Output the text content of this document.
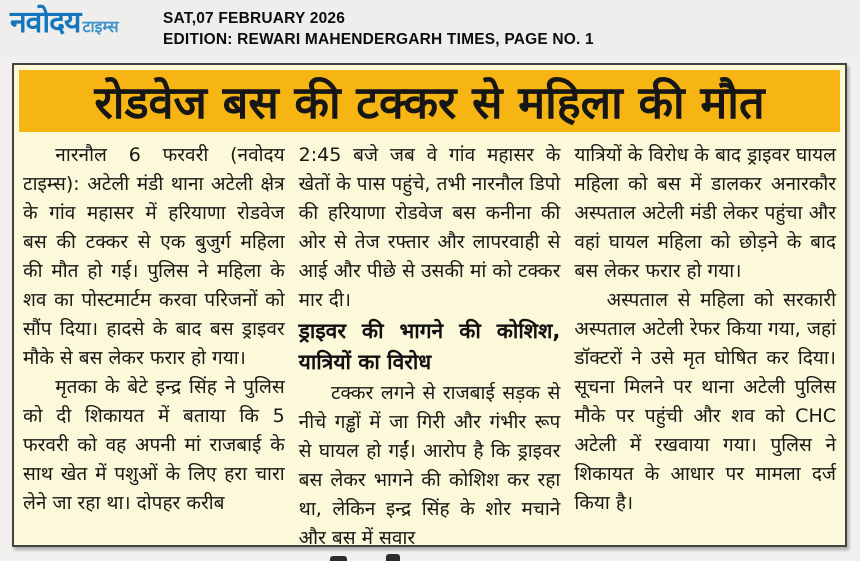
नवोदय टाइम्स	SAT,07 FEBRUARY 2026
EDITION: REWARI MAHENDERGARH TIMES, PAGE NO. 1
रोडवेज बस की टक्कर से महिला की मौत

नारनौल 6 फरवरी (नवोदय टाइम्स): अटेली मंडी थाना अटेली क्षेत्र के गांव महासर में हरियाणा रोडवेज बस की टक्कर से एक बुजुर्ग महिला की मौत हो गई। पुलिस ने महिला के शव का पोस्टमार्टम करवा परिजनों को सौंप दिया। हादसे के बाद बस ड्राइवर मौके से बस लेकर फरार हो गया।

मृतका के बेटे इन्द्र सिंह ने पुलिस को दी शिकायत में बताया कि 5 फरवरी को वह अपनी मां राजबाई के साथ खेत में पशुओं के लिए हरा चारा लेने जा रहा था। दोपहर करीब

2:45 बजे जब वे गांव महासर के खेतों के पास पहुंचे, तभी नारनौल डिपो की हरियाणा रोडवेज बस कनीना की ओर से तेज रफ्तार और लापरवाही से आई और पीछे से उसकी मां को टक्कर मार दी।

ड्राइवर की भागने की कोशिश, यात्रियों का विरोध

टक्कर लगने से राजबाई सड़क से नीचे गड्ढों में जा गिरी और गंभीर रूप से घायल हो गईं। आरोप है कि ड्राइवर बस लेकर भागने की कोशिश कर रहा था, लेकिन इन्द्र सिंह के शोर मचाने और बस में सवार

यात्रियों के विरोध के बाद ड्राइवर घायल महिला को बस में डालकर अनारकौर अस्पताल अटेली मंडी लेकर पहुंचा और वहां घायल महिला को छोड़ने के बाद बस लेकर फरार हो गया।

अस्पताल से महिला को सरकारी अस्पताल अटेली रेफर किया गया, जहां डॉक्टरों ने उसे मृत घोषित कर दिया। सूचना मिलने पर थाना अटेली पुलिस मौके पर पहुंची और शव को CHC अटेली में रखवाया गया। पुलिस ने शिकायत के आधार पर मामला दर्ज किया है।
